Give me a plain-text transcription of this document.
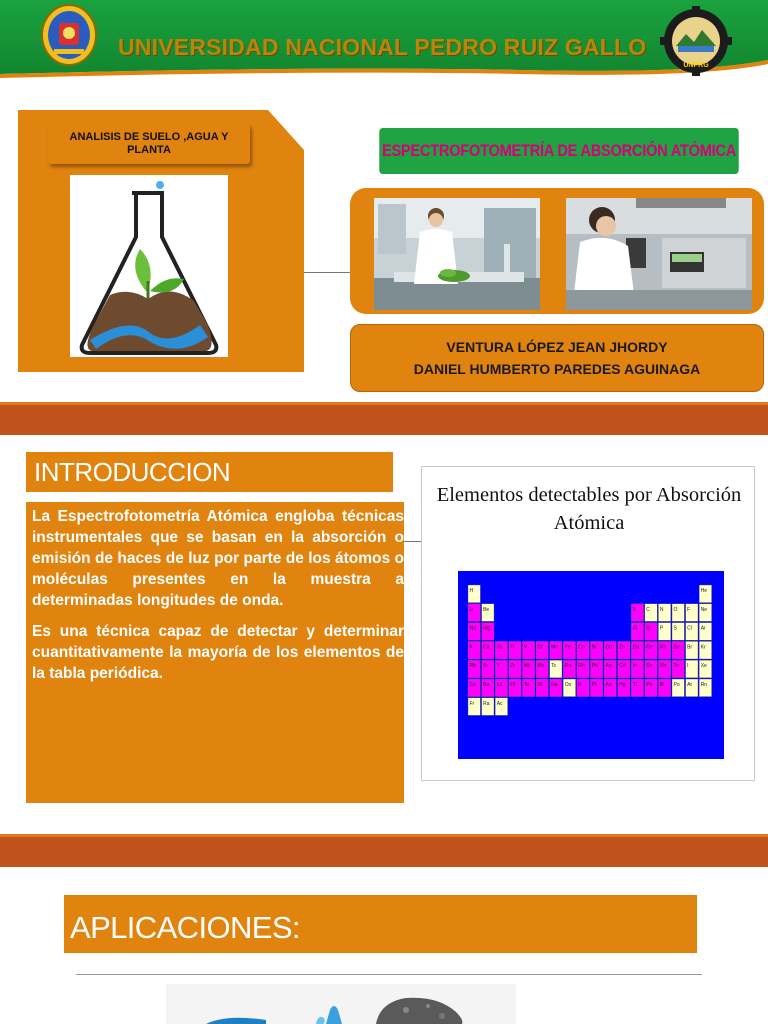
UNIVERSIDAD NACIONAL PEDRO RUIZ GALLO
UNPRG
ANALISIS DE SUELO ,AGUA Y PLANTA	ESPECTROFOTOMETRÍA DE ABSORCIÓN ATÓMICA
VENTURA LÓPEZ JEAN JHORDY
DANIEL HUMBERTO PAREDES AGUINAGA
INTRODUCCION

La Espectrofotometría Atómica engloba técnicas instrumentales que se basan en la absorción o emisión de haces de luz por parte de los átomos o moléculas presentes en la muestra a determinadas longitudes de onda.

Es una técnica capaz de detectar y determinar cuantitativamente la mayoría de los elementos de la tabla periódica.

Elementos detectables por Absorción
Atómica
H	He
Li Be	B C N O F Ne
Na Mg	Al Si P S Cl Ar
K Ca Sc Ti V Cr Mn Fe Co Ni Cu Zn Ga Ge As Se Br Kr
Rb Sr Y Zr Nb Mo Tc Ru Rh Pd Ag Cd In Sn Sb Te I Xe
Cs Ba La Hf Ta W Re Os Ir Pt Au Hg Tl Pb Bi Po At Rn
Fr Ra Ac
APLICACIONES:
